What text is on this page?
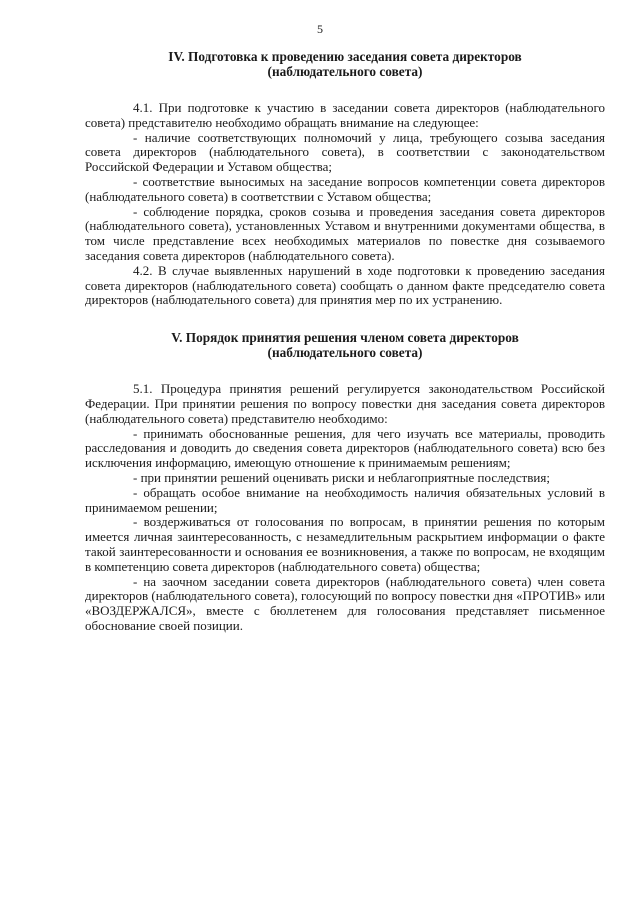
5
IV. Подготовка к проведению заседания совета директоров
(наблюдательного совета)

4.1. При подготовке к участию в заседании совета директоров (наблюдательного совета) представителю необходимо обращать внимание на следующее:

- наличие соответствующих полномочий у лица, требующего созыва заседания совета директоров (наблюдательного совета), в соответствии с законодательством Российской Федерации и Уставом общества;

- соответствие выносимых на заседание вопросов компетенции совета директоров (наблюдательного совета) в соответствии с Уставом общества;

- соблюдение порядка, сроков созыва и проведения заседания совета директоров (наблюдательного совета), установленных Уставом и внутренними документами общества, в том числе представление всех необходимых материалов по повестке дня созываемого заседания совета директоров (наблюдательного совета).

4.2. В случае выявленных нарушений в ходе подготовки к проведению заседания совета директоров (наблюдательного совета) сообщать о данном факте председателю совета директоров (наблюдательного совета) для принятия мер по их устранению.

V. Порядок принятия решения членом совета директоров
(наблюдательного совета)

5.1. Процедура принятия решений регулируется законодательством Российской Федерации. При принятии решения по вопросу повестки дня заседания совета директоров (наблюдательного совета) представителю необходимо:

- принимать обоснованные решения, для чего изучать все материалы, проводить расследования и доводить до сведения совета директоров (наблюдательного совета) всю без исключения информацию, имеющую отношение к принимаемым решениям;

- при принятии решений оценивать риски и неблагоприятные последствия;

- обращать особое внимание на необходимость наличия обязательных условий в принимаемом решении;

- воздерживаться от голосования по вопросам, в принятии решения по которым имеется личная заинтересованность, с незамедлительным раскрытием информации о факте такой заинтересованности и основания ее возникновения, а также по вопросам, не входящим в компетенцию совета директоров (наблюдательного совета) общества;

- на заочном заседании совета директоров (наблюдательного совета) член совета директоров (наблюдательного совета), голосующий по вопросу повестки дня «ПРОТИВ» или «ВОЗДЕРЖАЛСЯ», вместе с бюллетенем для голосования представляет письменное обоснование своей позиции.
